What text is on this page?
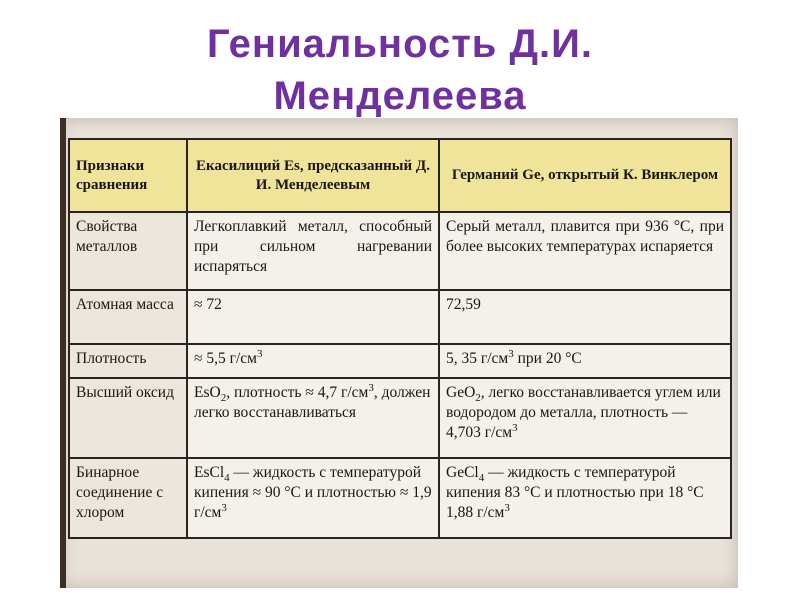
Гениальность Д.И.
Менделеева
Признаки сравнения	Екасилиций Es, предсказанный Д. И. Менделеевым	Германий Ge, открытый К. Винклером
Свойства металлов	Легкоплавкий металл, способный при сильном нагревании испаряться	Серый металл, плавится при 936 °С, при более высоких температурах испаряется
Атомная масса	≈ 72	72,59
Плотность	≈ 5,5 $г/см^3$	5, 35 $г/см^3$ при 20 °С
Высший оксид	EsO$_2$, плотность ≈ 4,7 $г/см^3$, должен легко восстанавливаться	GeO$_2$, легко восстанавливается углем или водородом до металла, плотность — 4,703 $г/см^3$
Бинарное соединение с хлором	EsCl$_4$ — жидкость с температурой кипения ≈ 90 °С и плотностью ≈ 1,9 $г/см^3$	GeCl$_4$ — жидкость с температурой кипения 83 °С и плотностью при 18 °С 1,88 $г/см^3$
